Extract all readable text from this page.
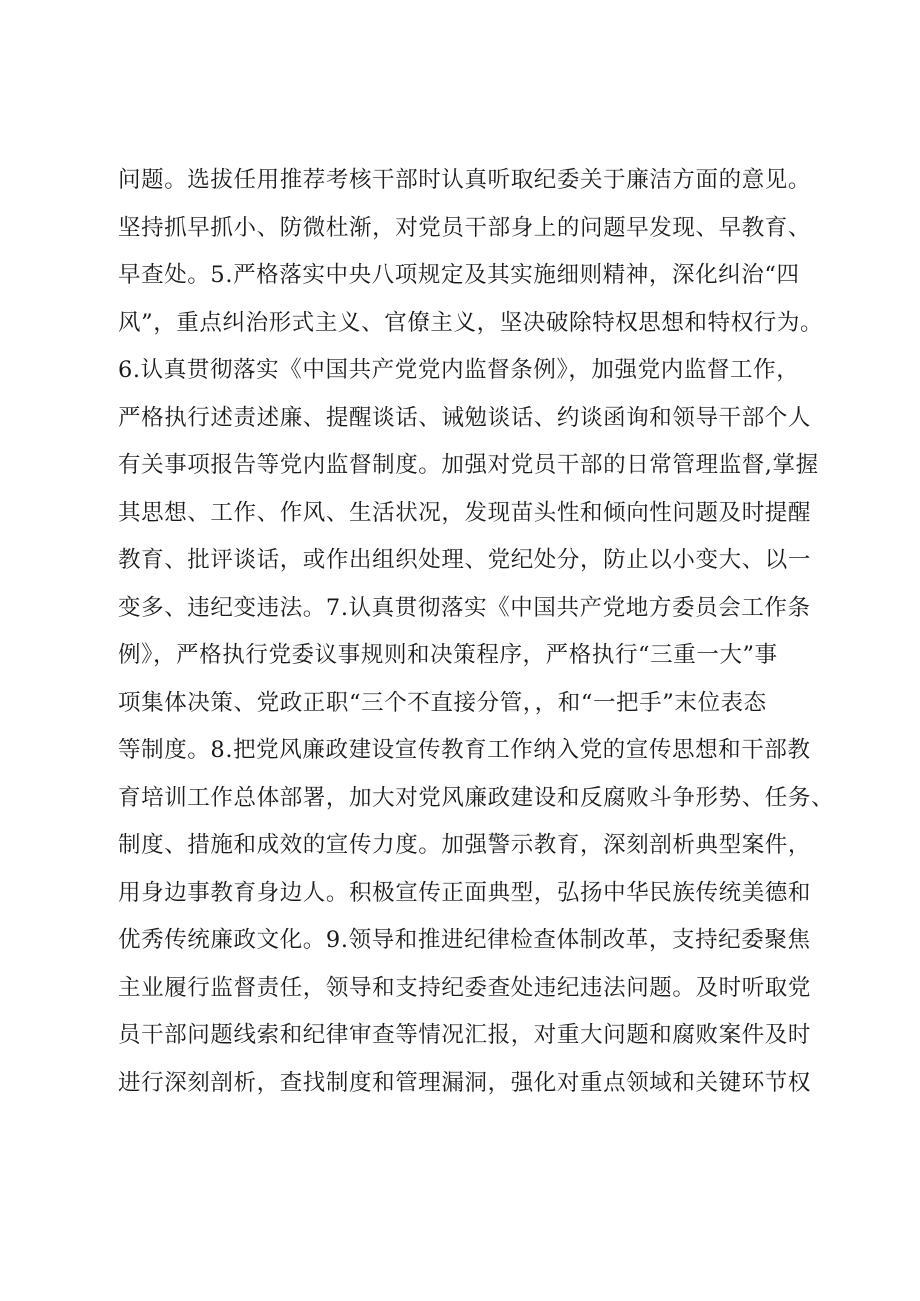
问题。选拔任用推荐考核干部时认真听取纪委关于廉洁方面的意见。
坚持抓早抓小、防微杜渐，对党员干部身上的问题早发现、早教育、
早查处。5.严格落实中央八项规定及其实施细则精神，深化纠治“四
风”，重点纠治形式主义、官僚主义，坚决破除特权思想和特权行为。
6.认真贯彻落实《中国共产党党内监督条例》，加强党内监督工作，
严格执行述责述廉、提醒谈话、诫勉谈话、约谈函询和领导干部个人
有关事项报告等党内监督制度。加强对党员干部的日常管理监督,掌握
其思想、工作、作风、生活状况，发现苗头性和倾向性问题及时提醒
教育、批评谈话，或作出组织处理、党纪处分，防止以小变大、以一
变多、违纪变违法。7.认真贯彻落实《中国共产党地方委员会工作条
例》，严格执行党委议事规则和决策程序，严格执行“三重一大”事
项集体决策、党政正职“三个不直接分管，，和“一把手”末位表态
等制度。8.把党风廉政建设宣传教育工作纳入党的宣传思想和干部教
育培训工作总体部署，加大对党风廉政建设和反腐败斗争形势、任务、
制度、措施和成效的宣传力度。加强警示教育，深刻剖析典型案件，
用身边事教育身边人。积极宣传正面典型，弘扬中华民族传统美德和
优秀传统廉政文化。9.领导和推进纪律检查体制改革，支持纪委聚焦
主业履行监督责任，领导和支持纪委查处违纪违法问题。及时听取党
员干部问题线索和纪律审查等情况汇报，对重大问题和腐败案件及时
进行深刻剖析，查找制度和管理漏洞，强化对重点领域和关键环节权
